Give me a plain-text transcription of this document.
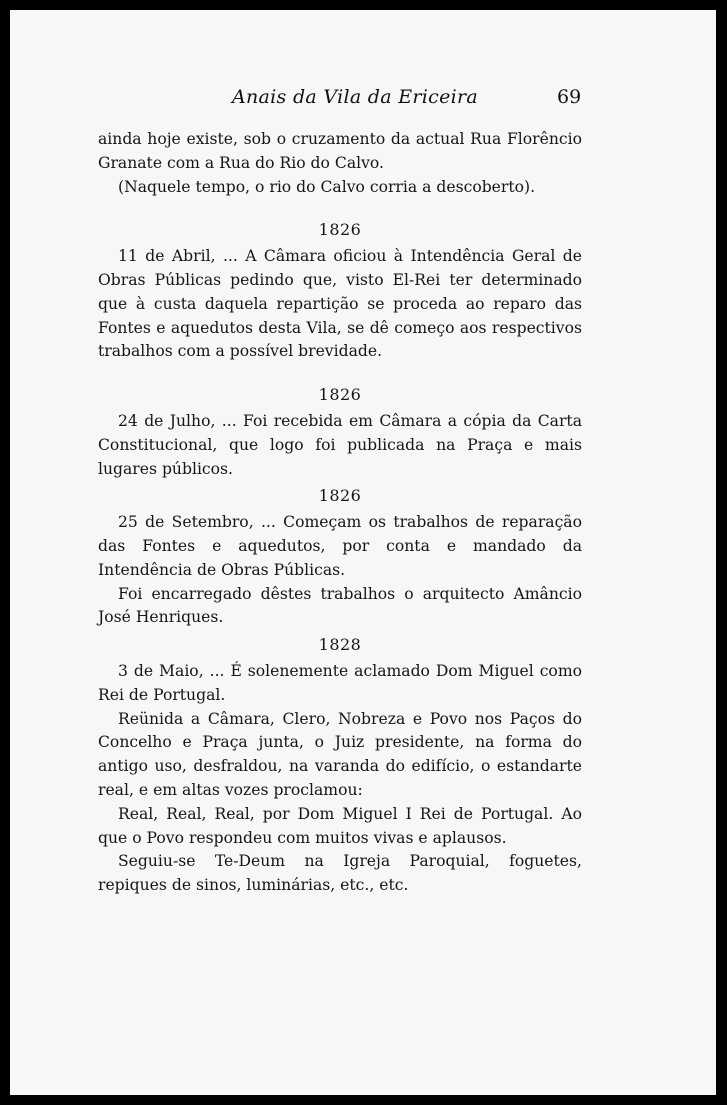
Anais da Vila da Ericeira	69

ainda hoje existe, sob o cruzamento da actual Rua Florêncio Granate com a Rua do Rio do Calvo.

(Naquele tempo, o rio do Calvo corria a descoberto).

1826

11 de Abril, ... A Câmara oficiou à Intendência Geral de Obras Públicas pedindo que, visto El-Rei ter determinado que à custa daquela repartição se proceda ao reparo das Fontes e aquedutos desta Vila, se dê começo aos respectivos trabalhos com a possível brevidade.

1826

24 de Julho, ... Foi recebida em Câmara a cópia da Carta Constitucional, que logo foi publicada na Praça e mais lugares públicos.

1826

25 de Setembro, ... Começam os trabalhos de reparação das Fontes e aquedutos, por conta e mandado da Intendência de Obras Públicas.

Foi encarregado dêstes trabalhos o arquitecto Amâncio José Henriques.

1828

3 de Maio, ... É solenemente aclamado Dom Miguel como Rei de Portugal.

Reünida a Câmara, Clero, Nobreza e Povo nos Paços do Concelho e Praça junta, o Juiz presidente, na forma do antigo uso, desfraldou, na varanda do edifício, o estandarte real, e em altas vozes proclamou:

Real, Real, Real, por Dom Miguel I Rei de Portugal. Ao que o Povo respondeu com muitos vivas e aplausos.

Seguiu-se Te-Deum na Igreja Paroquial, foguetes, repiques de sinos, luminárias, etc., etc.
